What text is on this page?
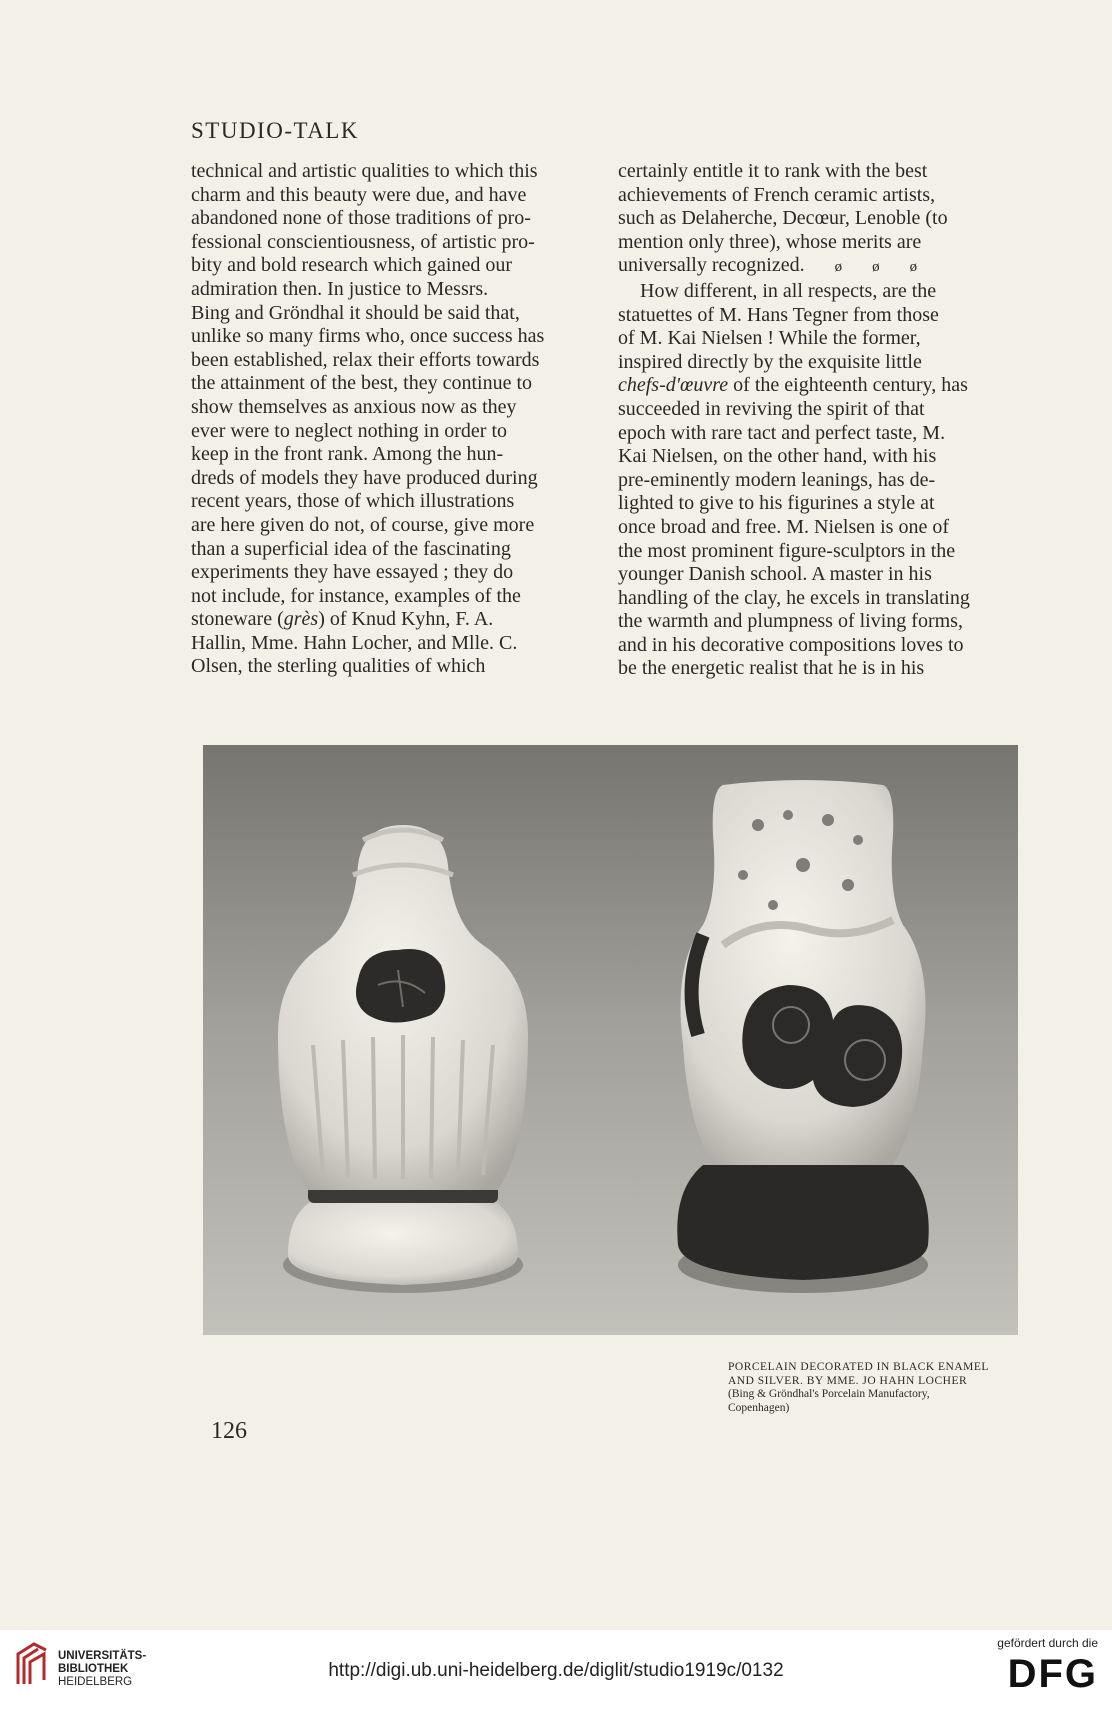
STUDIO-TALK

technical and artistic qualities to which this

charm and this beauty were due, and have

abandoned none of those traditions of pro-

fessional conscientiousness, of artistic pro-

bity and bold research which gained our

admiration then. In justice to Messrs.

Bing and Gröndhal it should be said that,

unlike so many firms who, once success has

been established, relax their efforts towards

the attainment of the best, they continue to

show themselves as anxious now as they

ever were to neglect nothing in order to

keep in the front rank. Among the hun-

dreds of models they have produced during

recent years, those of which illustrations

are here given do not, of course, give more

than a superficial idea of the fascinating

experiments they have essayed ; they do

not include, for instance, examples of the

stoneware (grès) of Knud Kyhn, F. A.

Hallin, Mme. Hahn Locher, and Mlle. C.

Olsen, the sterling qualities of which

certainly entitle it to rank with the best

achievements of French ceramic artists,

such as Delaherche, Decœur, Lenoble (to

mention only three), whose merits are

universally recognized. ø ø ø

How different, in all respects, are the

statuettes of M. Hans Tegner from those

of M. Kai Nielsen ! While the former,

inspired directly by the exquisite little

chefs-d'œuvre of the eighteenth century, has

succeeded in reviving the spirit of that

epoch with rare tact and perfect taste, M.

Kai Nielsen, on the other hand, with his

pre-eminently modern leanings, has de-

lighted to give to his figurines a style at

once broad and free. M. Nielsen is one of

the most prominent figure-sculptors in the

younger Danish school. A master in his

handling of the clay, he excels in translating

the warmth and plumpness of living forms,

and in his decorative compositions loves to

be the energetic realist that he is in his

PORCELAIN DECORATED IN BLACK ENAMEL
AND SILVER. BY MME. JO HAHN LOCHER
(Bing & Gröndhal's Porcelain Manufactory,
Copenhagen)
126
UNIVERSITÄTS-
BIBLIOTHEK
HEIDELBERG
http://digi.ub.uni-heidelberg.de/diglit/studio1919c/0132
gefördert durch die
DFG
